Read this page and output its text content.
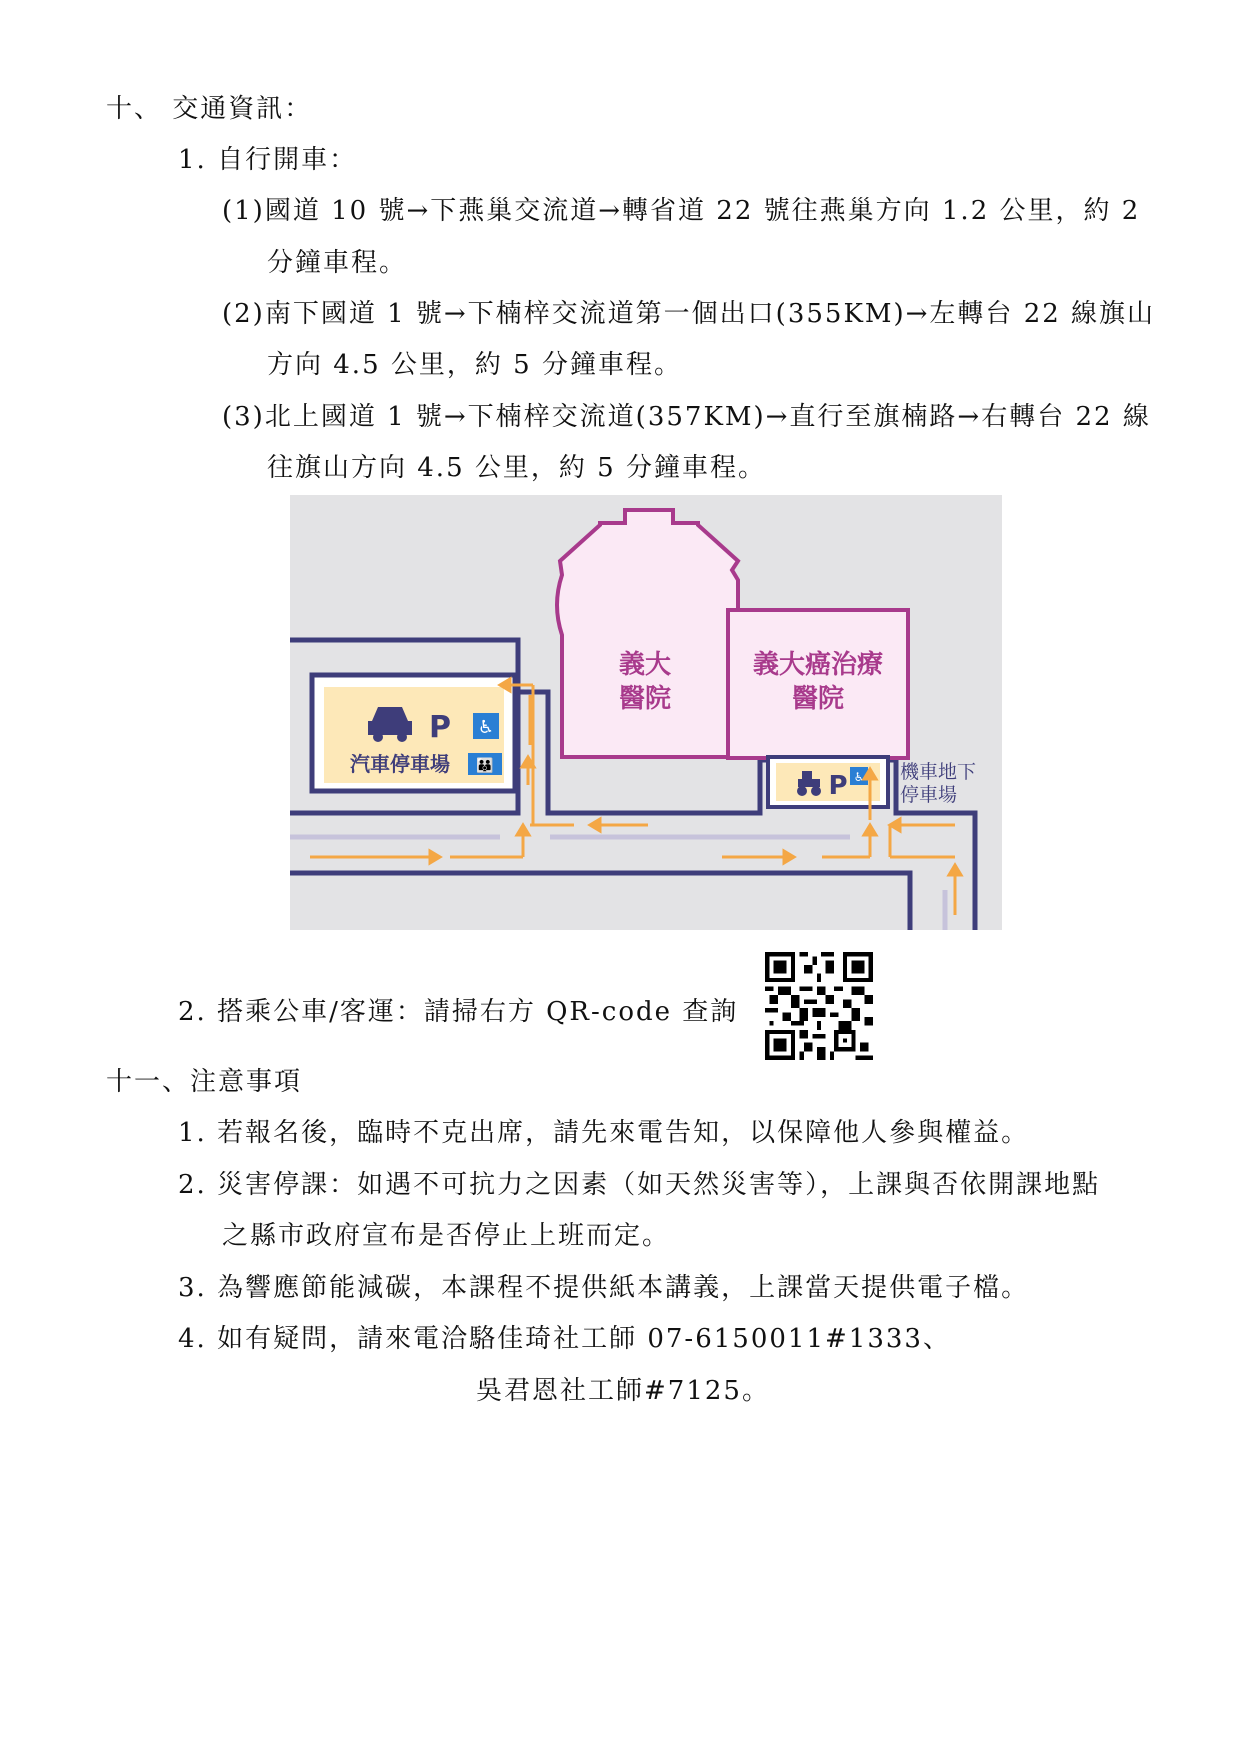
十、 交通資訊：
1. 自行開車：
(1)國道 10 號→下燕巢交流道→轉省道 22 號往燕巢方向 1.2 公里，約 2
分鐘車程。
(2)南下國道 1 號→下楠梓交流道第一個出口(355KM)→左轉台 22 線旗山
方向 4.5 公里，約 5 分鐘車程。
(3)北上國道 1 號→下楠梓交流道(357KM)→直行至旗楠路→右轉台 22 線
往旗山方向 4.5 公里，約 5 分鐘車程。
義大
醫院
義大癌治療
醫院
P ♿
汽車停車場 👪
P ♿ 機車地下
停車場
2. 搭乘公車/客運：請掃右方 QR-code 查詢
十一、注意事項
1. 若報名後，臨時不克出席，請先來電告知，以保障他人參與權益。
2. 災害停課：如遇不可抗力之因素（如天然災害等），上課與否依開課地點
之縣市政府宣布是否停止上班而定。
3. 為響應節能減碳，本課程不提供紙本講義，上課當天提供電子檔。
4. 如有疑問，請來電洽駱佳琦社工師 07-6150011#1333、
吳君恩社工師#7125。
